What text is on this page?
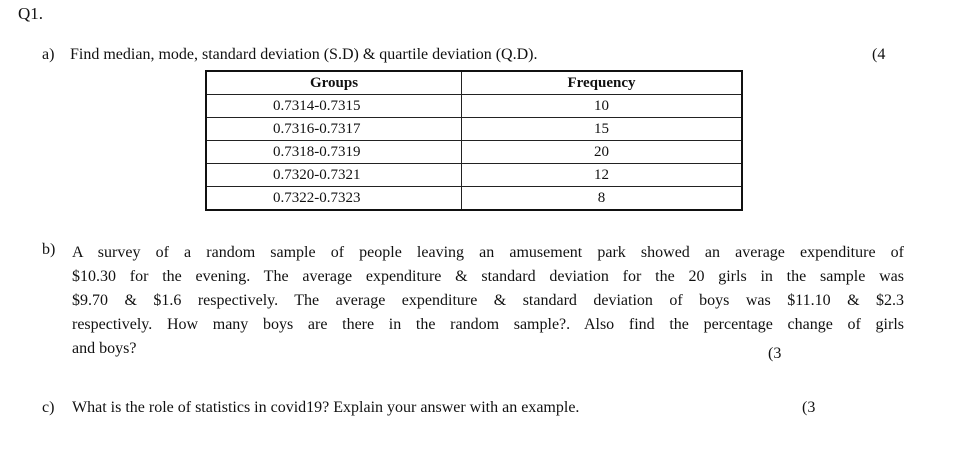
Q1.
a) Find median, mode, standard deviation (S.D) & quartile deviation (Q.D).	(4
Groups	Frequency
0.7314-0.7315	10
0.7316-0.7317	15
0.7318-0.7319	20
0.7320-0.7321	12
0.7322-0.7323	8
b) A survey of a random sample of people leaving an amusement park showed an average expenditure of
$10.30 for the evening. The average expenditure & standard deviation for the 20 girls in the sample was
$9.70 & $1.6 respectively. The average expenditure & standard deviation of boys was $11.10 & $2.3
respectively. How many boys are there in the random sample?. Also find the percentage change of girls
and boys?	(3
c) What is the role of statistics in covid19? Explain your answer with an example.	(3
